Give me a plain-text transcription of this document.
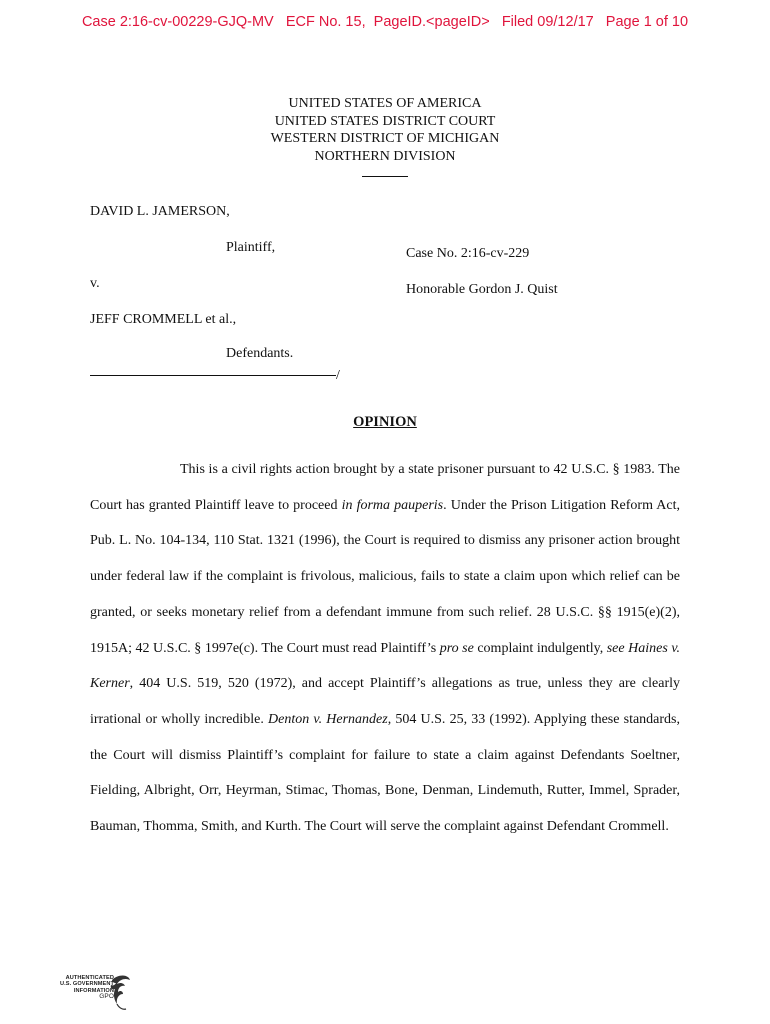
Case 2:16-cv-00229-GJQ-MV   ECF No. 15,  PageID.<pageID>   Filed 09/12/17   Page 1 of 10
UNITED STATES OF AMERICA
UNITED STATES DISTRICT COURT
WESTERN DISTRICT OF MICHIGAN
NORTHERN DIVISION
DAVID L. JAMERSON,
Plaintiff,	Case No. 2:16-cv-229
v.	Honorable Gordon J. Quist
JEFF CROMMELL et al.,
Defendants.
/
OPINION

This is a civil rights action brought by a state prisoner pursuant to 42 U.S.C. § 1983. The Court has granted Plaintiff leave to proceed in forma pauperis. Under the Prison Litigation Reform Act, Pub. L. No. 104-134, 110 Stat. 1321 (1996), the Court is required to dismiss any prisoner action brought under federal law if the complaint is frivolous, malicious, fails to state a claim upon which relief can be granted, or seeks monetary relief from a defendant immune from such relief. 28 U.S.C. §§ 1915(e)(2), 1915A; 42 U.S.C. § 1997e(c). The Court must read Plaintiff’s pro se complaint indulgently, see Haines v. Kerner, 404 U.S. 519, 520 (1972), and accept Plaintiff’s allegations as true, unless they are clearly irrational or wholly incredible. Denton v. Hernandez, 504 U.S. 25, 33 (1992). Applying these standards, the Court will dismiss Plaintiff’s complaint for failure to state a claim against Defendants Soeltner, Fielding, Albright, Orr, Heyrman, Stimac, Thomas, Bone, Denman, Lindemuth, Rutter, Immel, Sprader, Bauman, Thomma, Smith, and Kurth. The Court will serve the complaint against Defendant Crommell.

AUTHENTICATED
U.S. GOVERNMENT
INFORMATION
GPO
